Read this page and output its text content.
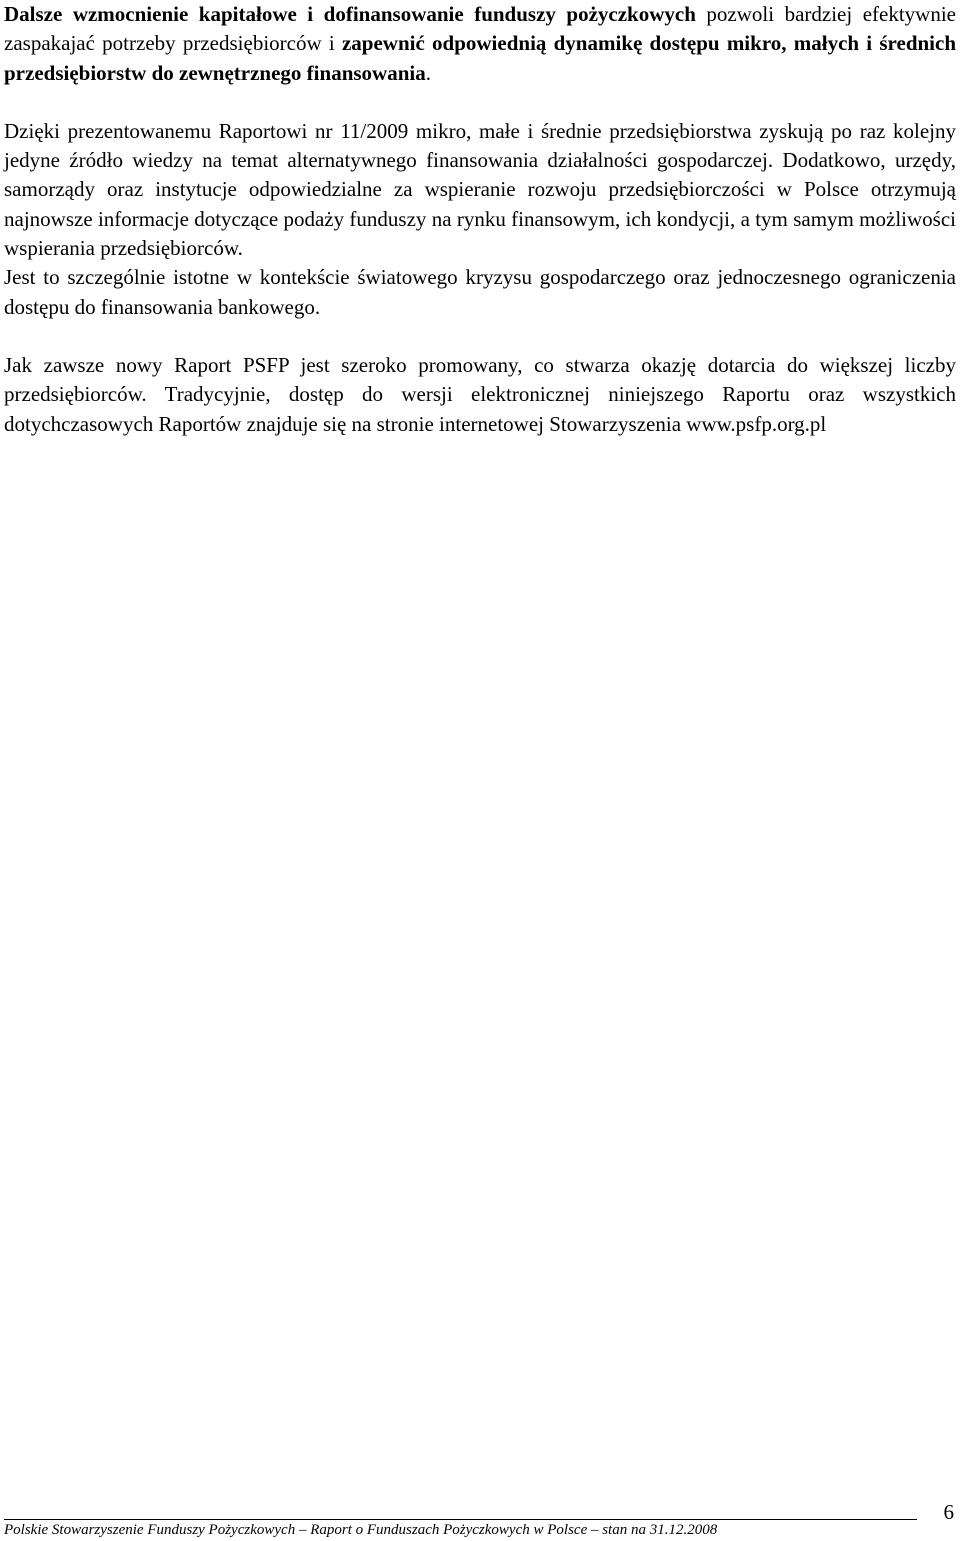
Dalsze wzmocnienie kapitałowe i dofinansowanie funduszy pożyczkowych pozwoli bardziej efektywnie zaspakajać potrzeby przedsiębiorców i zapewnić odpowiednią dynamikę dostępu mikro, małych i średnich przedsiębiorstw do zewnętrznego finansowania.

Dzięki prezentowanemu Raportowi nr 11/2009 mikro, małe i średnie przedsiębiorstwa zyskują po raz kolejny jedyne źródło wiedzy na temat alternatywnego finansowania działalności gospodarczej. Dodatkowo, urzędy, samorządy oraz instytucje odpowiedzialne za wspieranie rozwoju przedsiębiorczości w Polsce otrzymują najnowsze informacje dotyczące podaży funduszy na rynku finansowym, ich kondycji, a tym samym możliwości wspierania przedsiębiorców.

Jest to szczególnie istotne w kontekście światowego kryzysu gospodarczego oraz jednoczesnego ograniczenia dostępu do finansowania bankowego.

Jak zawsze nowy Raport PSFP jest szeroko promowany, co stwarza okazję dotarcia do większej liczby przedsiębiorców. Tradycyjnie, dostęp do wersji elektronicznej niniejszego Raportu oraz wszystkich dotychczasowych Raportów znajduje się na stronie internetowej Stowarzyszenia www.psfp.org.pl

6
Polskie Stowarzyszenie Funduszy Pożyczkowych – Raport o Funduszach Pożyczkowych w Polsce – stan na 31.12.2008
